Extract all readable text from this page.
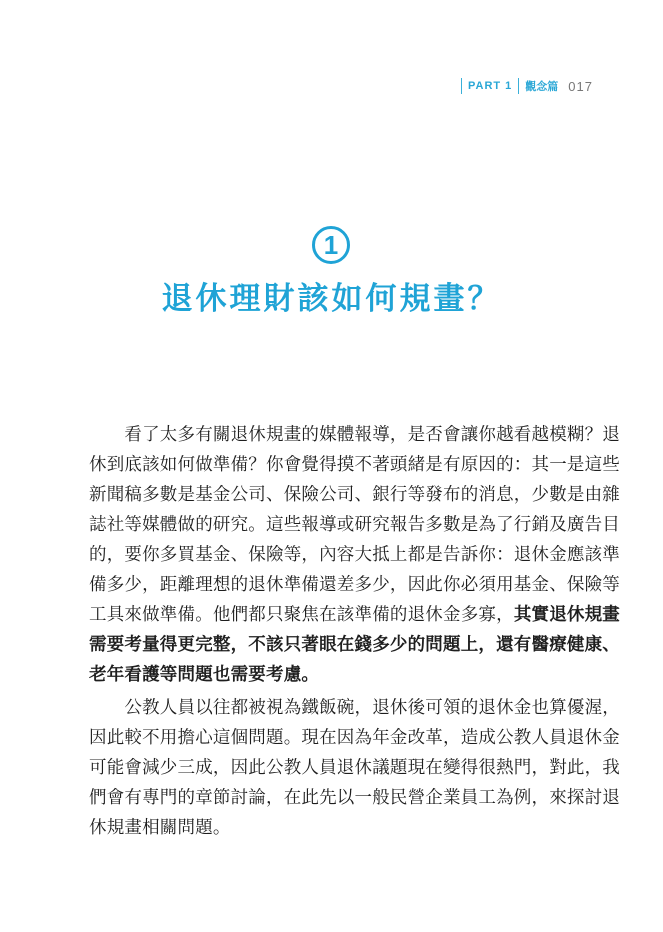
PART 1 觀念篇 017
1
退休理財該如何規畫？
　　看了太多有關退休規畫的媒體報導，是否會讓你越看越模糊？退
休到底該如何做準備？你會覺得摸不著頭緒是有原因的：其一是這些
新聞稿多數是基金公司、保險公司、銀行等發布的消息，少數是由雜
誌社等媒體做的研究。這些報導或研究報告多數是為了行銷及廣告目
的，要你多買基金、保險等，內容大抵上都是告訴你：退休金應該準
備多少，距離理想的退休準備還差多少，因此你必須用基金、保險等
工具來做準備。他們都只聚焦在該準備的退休金多寡，其實退休規畫
需要考量得更完整，不該只著眼在錢多少的問題上，還有醫療健康、
老年看護等問題也需要考慮。
　　公教人員以往都被視為鐵飯碗，退休後可領的退休金也算優渥，
因此較不用擔心這個問題。現在因為年金改革，造成公教人員退休金
可能會減少三成，因此公教人員退休議題現在變得很熱門，對此，我
們會有專門的章節討論，在此先以一般民營企業員工為例，來探討退
休規畫相關問題。
